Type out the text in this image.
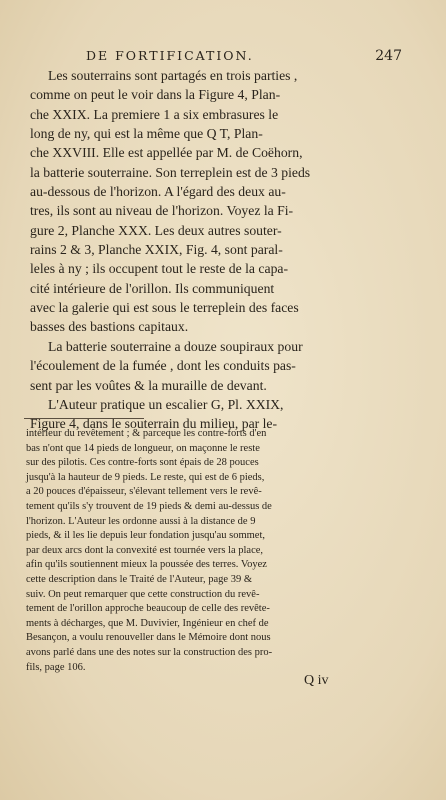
DE FORTIFICATION.	247
Les souterrains sont partagés en trois parties ,
comme on peut le voir dans la Figure 4, Plan-
che XXIX. La premiere 1 a six embrasures le
long de ny, qui est la même que Q T, Plan-
che XXVIII. Elle est appellée par M. de Coëhorn,
la batterie souterraine. Son terreplein est de 3 pieds
au-dessous de l'horizon. A l'égard des deux au-
tres, ils sont au niveau de l'horizon. Voyez la Fi-
gure 2, Planche XXX. Les deux autres souter-
rains 2 & 3, Planche XXIX, Fig. 4, sont paral-
leles à ny ; ils occupent tout le reste de la capa-
cité intérieure de l'orillon. Ils communiquent
avec la galerie qui est sous le terreplein des faces
basses des bastions capitaux.
La batterie souterraine a douze soupiraux pour
l'écoulement de la fumée , dont les conduits pas-
sent par les voûtes & la muraille de devant.
L'Auteur pratique un escalier G, Pl. XXIX,
Figure 4, dans le souterrain du milieu, par le-
intérieur du revêtement ; & parceque les contre-forts d'en
bas n'ont que 14 pieds de longueur, on maçonne le reste
sur des pilotis. Ces contre-forts sont épais de 28 pouces
jusqu'à la hauteur de 9 pieds. Le reste, qui est de 6 pieds,
a 20 pouces d'épaisseur, s'élevant tellement vers le revê-
tement qu'ils s'y trouvent de 19 pieds & demi au-dessus de
l'horizon. L'Auteur les ordonne aussi à la distance de 9
pieds, & il les lie depuis leur fondation jusqu'au sommet,
par deux arcs dont la convexité est tournée vers la place,
afin qu'ils soutiennent mieux la poussée des terres. Voyez
cette description dans le Traité de l'Auteur, page 39 &
suiv. On peut remarquer que cette construction du revê-
tement de l'orillon approche beaucoup de celle des revête-
ments à décharges, que M. Duvivier, Ingénieur en chef de
Besançon, a voulu renouveller dans le Mémoire dont nous
avons parlé dans une des notes sur la construction des pro-
fils, page 106.
Q iv
